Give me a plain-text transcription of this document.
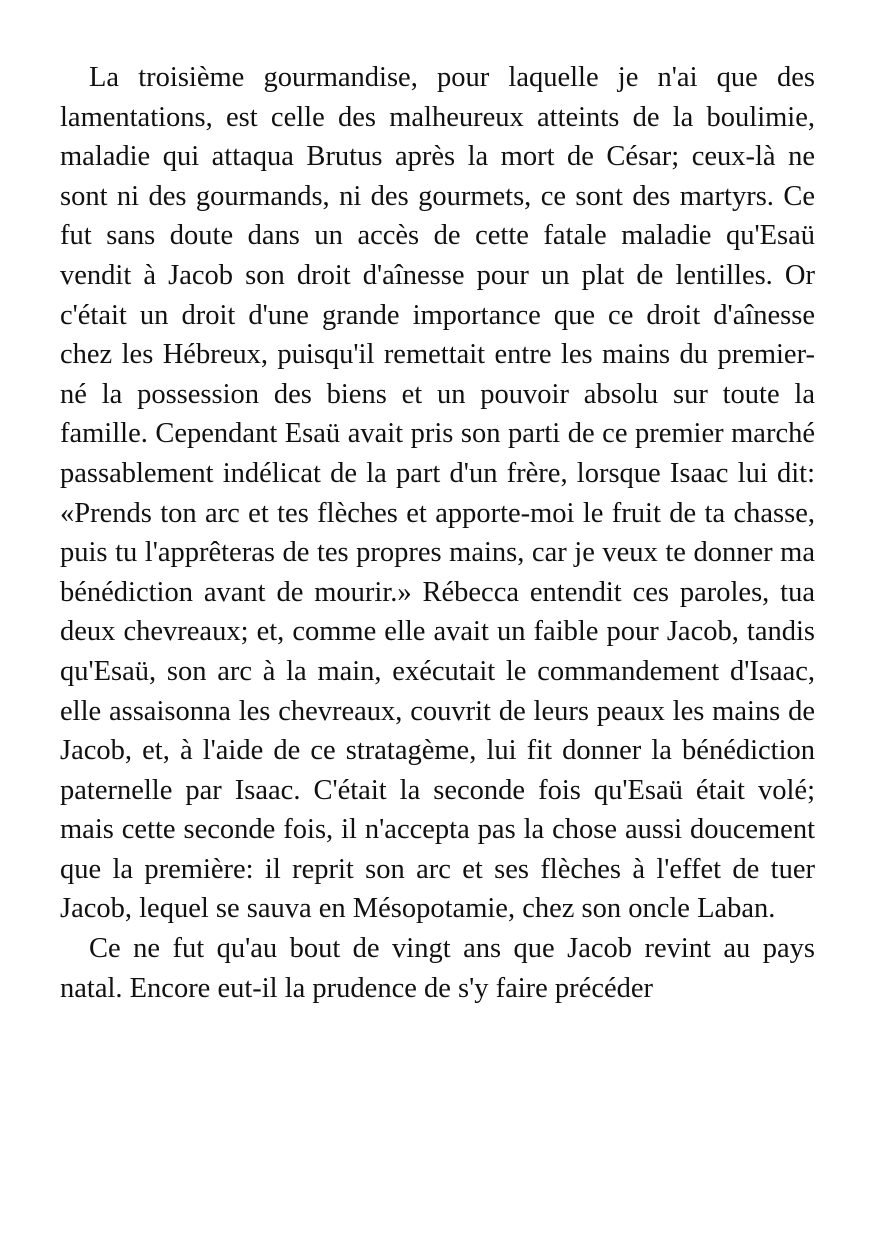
La troisième gourmandise, pour laquelle je n'ai que des lamentations, est celle des malheureux atteints de la boulimie, maladie qui attaqua Brutus après la mort de César; ceux-là ne sont ni des gourmands, ni des gourmets, ce sont des martyrs. Ce fut sans doute dans un accès de cette fatale maladie qu'Esaü vendit à Jacob son droit d'aînesse pour un plat de lentilles. Or c'était un droit d'une grande importance que ce droit d'aînesse chez les Hébreux, puisqu'il remettait entre les mains du premier-né la possession des biens et un pouvoir absolu sur toute la famille. Cependant Esaü avait pris son parti de ce premier marché passablement indélicat de la part d'un frère, lorsque Isaac lui dit: «Prends ton arc et tes flèches et apporte-moi le fruit de ta chasse, puis tu l'apprêteras de tes propres mains, car je veux te donner ma bénédiction avant de mourir.» Rébecca entendit ces paroles, tua deux chevreaux; et, comme elle avait un faible pour Jacob, tandis qu'Esaü, son arc à la main, exécutait le commandement d'Isaac, elle assaisonna les chevreaux, couvrit de leurs peaux les mains de Jacob, et, à l'aide de ce stratagème, lui fit donner la bénédiction paternelle par Isaac. C'était la seconde fois qu'Esaü était volé; mais cette seconde fois, il n'accepta pas la chose aussi doucement que la première: il reprit son arc et ses flèches à l'effet de tuer Jacob, lequel se sauva en Mésopotamie, chez son oncle Laban.

Ce ne fut qu'au bout de vingt ans que Jacob revint au pays natal. Encore eut-il la prudence de s'y faire précéder
